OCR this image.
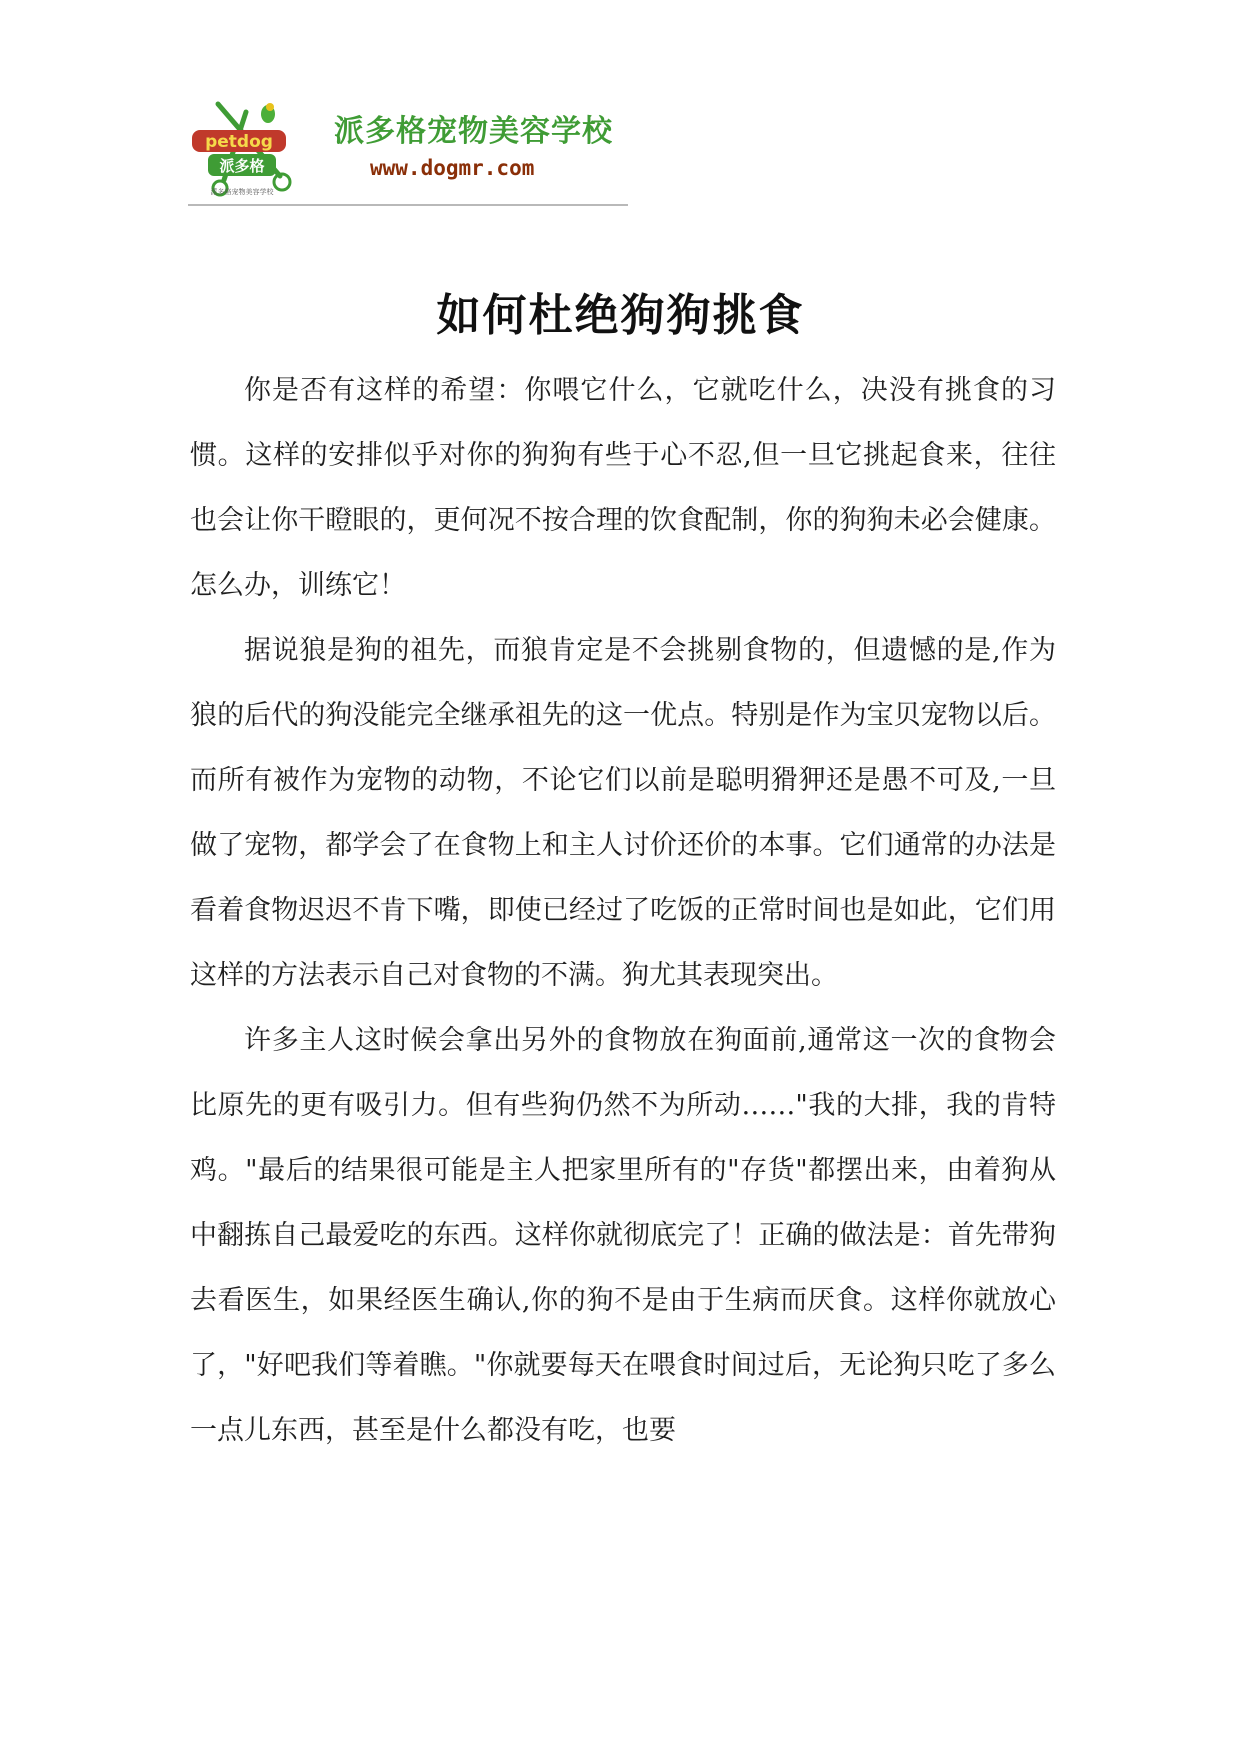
petdog
派多格
派多格宠物美容学校
派多格宠物美容学校
www.dogmr.com
如何杜绝狗狗挑食

你是否有这样的希望：你喂它什么，它就吃什么，决没有挑食的习惯。这样的安排似乎对你的狗狗有些于心不忍,但一旦它挑起食来，往往也会让你干瞪眼的，更何况不按合理的饮食配制，你的狗狗未必会健康。怎么办，训练它！

据说狼是狗的祖先，而狼肯定是不会挑剔食物的，但遗憾的是,作为狼的后代的狗没能完全继承祖先的这一优点。特别是作为宝贝宠物以后。而所有被作为宠物的动物，不论它们以前是聪明猾狎还是愚不可及,一旦做了宠物，都学会了在食物上和主人讨价还价的本事。它们通常的办法是看着食物迟迟不肯下嘴，即使已经过了吃饭的正常时间也是如此，它们用这样的方法表示自己对食物的不满。狗尤其表现突出。

许多主人这时候会拿出另外的食物放在狗面前,通常这一次的食物会比原先的更有吸引力。但有些狗仍然不为所动……"我的大排，我的肯特鸡。"最后的结果很可能是主人把家里所有的"存货"都摆出来，由着狗从中翻拣自己最爱吃的东西。这样你就彻底完了！正确的做法是：首先带狗去看医生，如果经医生确认,你的狗不是由于生病而厌食。这样你就放心了，"好吧我们等着瞧。"你就要每天在喂食时间过后，无论狗只吃了多么一点儿东西，甚至是什么都没有吃，也要
